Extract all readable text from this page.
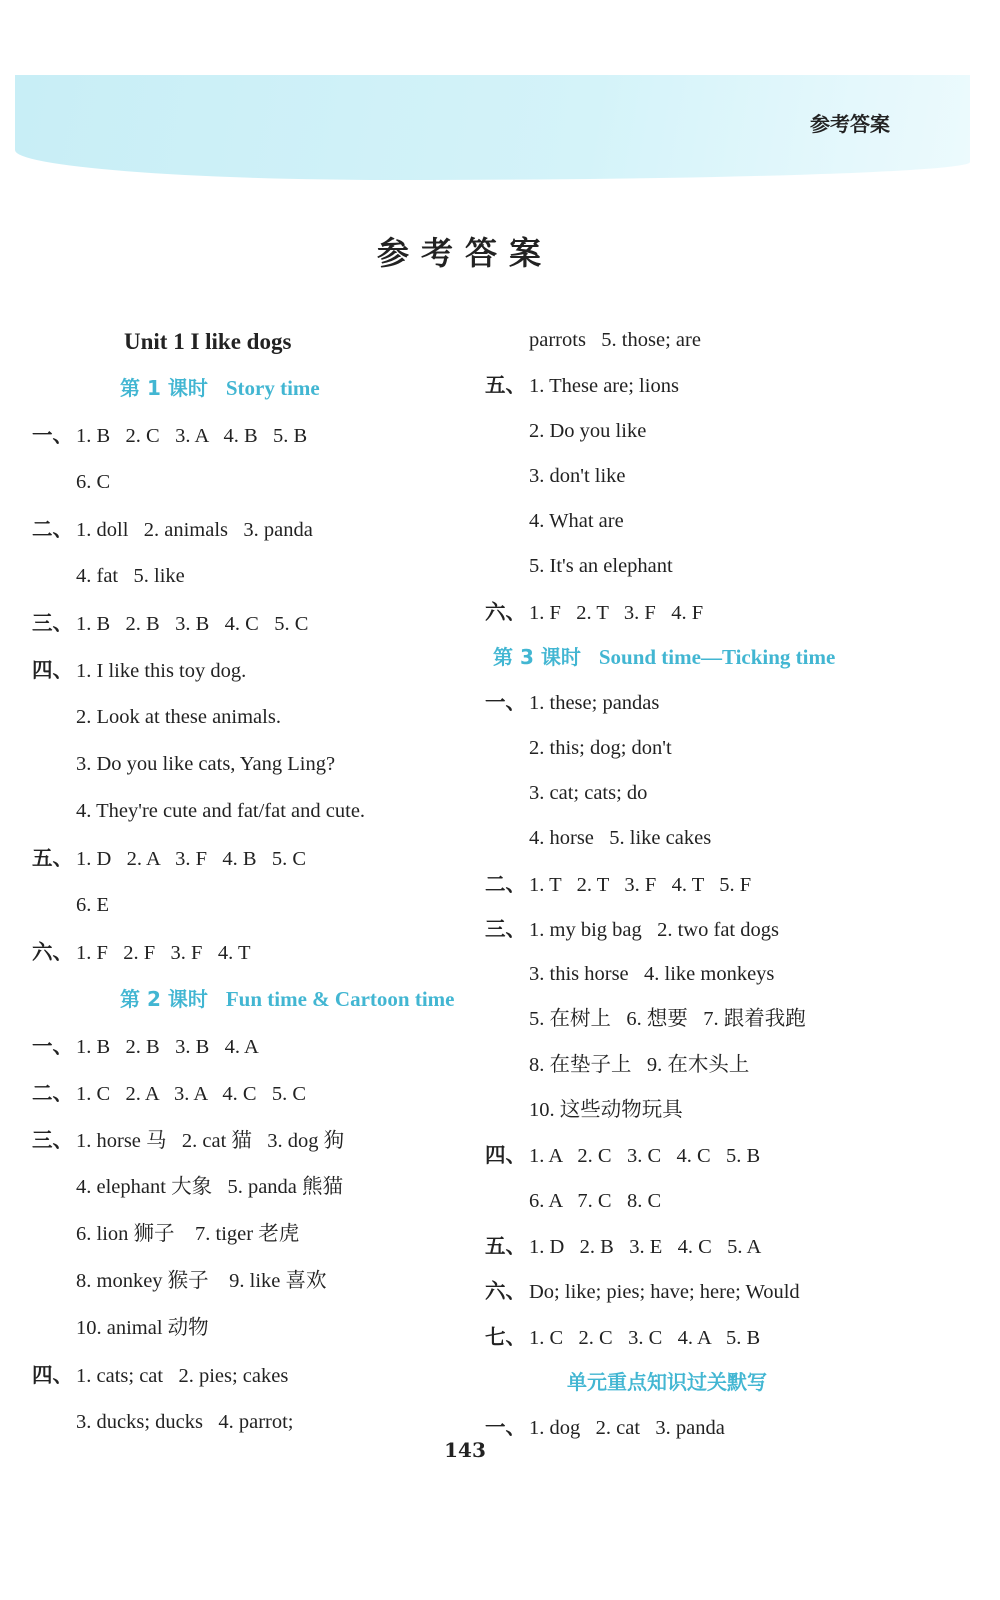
参考答案
参考答案
Unit 1 I like dogs
第 1 课时 Story time
一、 1. B   2. C   3. A   4. B   5. B
6. C
二、 1. doll   2. animals   3. panda
4. fat   5. like
三、 1. B   2. B   3. B   4. C   5. C
四、 1. I like this toy dog.
2. Look at these animals.
3. Do you like cats, Yang Ling?
4. They're cute and fat/fat and cute.
五、 1. D   2. A   3. F   4. B   5. C
6. E
六、 1. F   2. F   3. F   4. T
第 2 课时 Fun time & Cartoon time
一、 1. B   2. B   3. B   4. A
二、 1. C   2. A   3. A   4. C   5. C
三、 1. horse 马   2. cat 猫   3. dog 狗
4. elephant 大象   5. panda 熊猫
6. lion 狮子    7. tiger 老虎
8. monkey 猴子    9. like 喜欢
10. animal 动物
四、 1. cats; cat   2. pies; cakes
3. ducks; ducks   4. parrot;
parrots   5. those; are
五、 1. These are; lions
2. Do you like
3. don't like
4. What are
5. It's an elephant
六、 1. F   2. T   3. F   4. F
第 3 课时 Sound time—Ticking time
一、 1. these; pandas
2. this; dog; don't
3. cat; cats; do
4. horse   5. like cakes
二、 1. T   2. T   3. F   4. T   5. F
三、 1. my big bag   2. two fat dogs
3. this horse   4. like monkeys
5. 在树上   6. 想要   7. 跟着我跑
8. 在垫子上   9. 在木头上
10. 这些动物玩具
四、 1. A   2. C   3. C   4. C   5. B
6. A   7. C   8. C
五、 1. D   2. B   3. E   4. C   5. A
六、 Do; like; pies; have; here; Would
七、 1. C   2. C   3. C   4. A   5. B
单元重点知识过关默写
一、 1. dog   2. cat   3. panda
143
